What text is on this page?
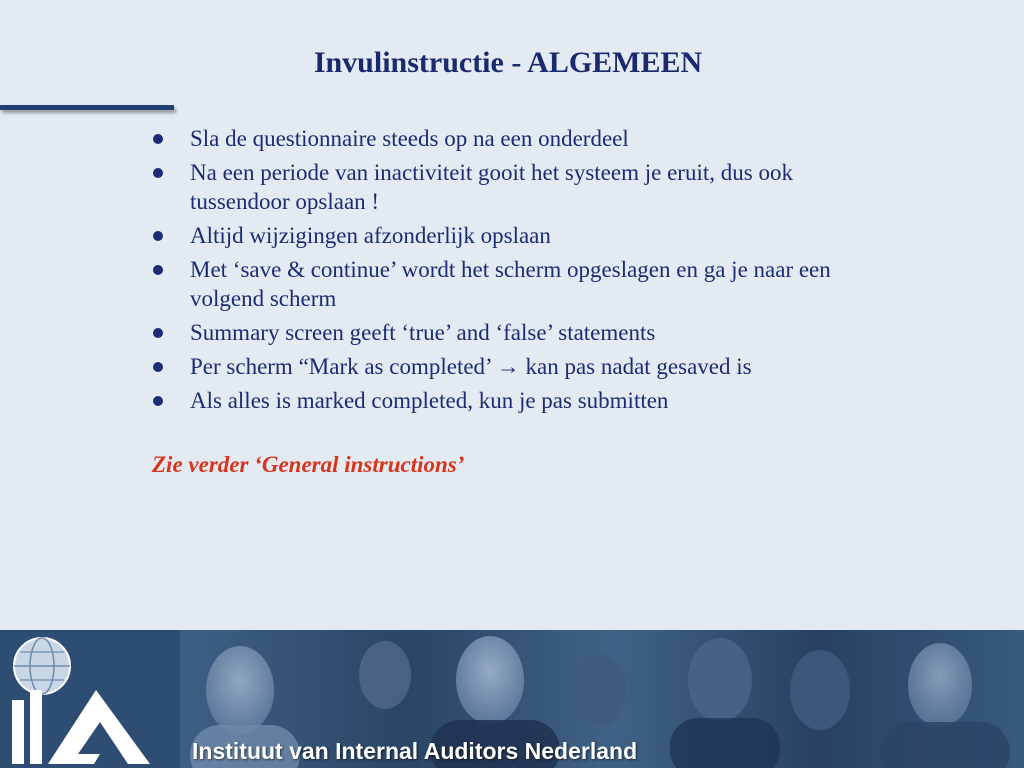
Invulinstructie - ALGEMEEN
Sla de questionnaire steeds op na een onderdeel
Na een periode van inactiviteit gooit het systeem je eruit, dus ook tussendoor opslaan !
Altijd wijzigingen afzonderlijk opslaan
Met ‘save & continue’ wordt het scherm opgeslagen en ga je naar een volgend scherm
Summary screen geeft ‘true’ and ‘false’ statements
Per scherm “Mark as completed’ → kan pas nadat gesaved is
Als alles is marked completed, kun je pas submitten

Zie verder ‘General instructions’

Instituut van Internal Auditors Nederland
